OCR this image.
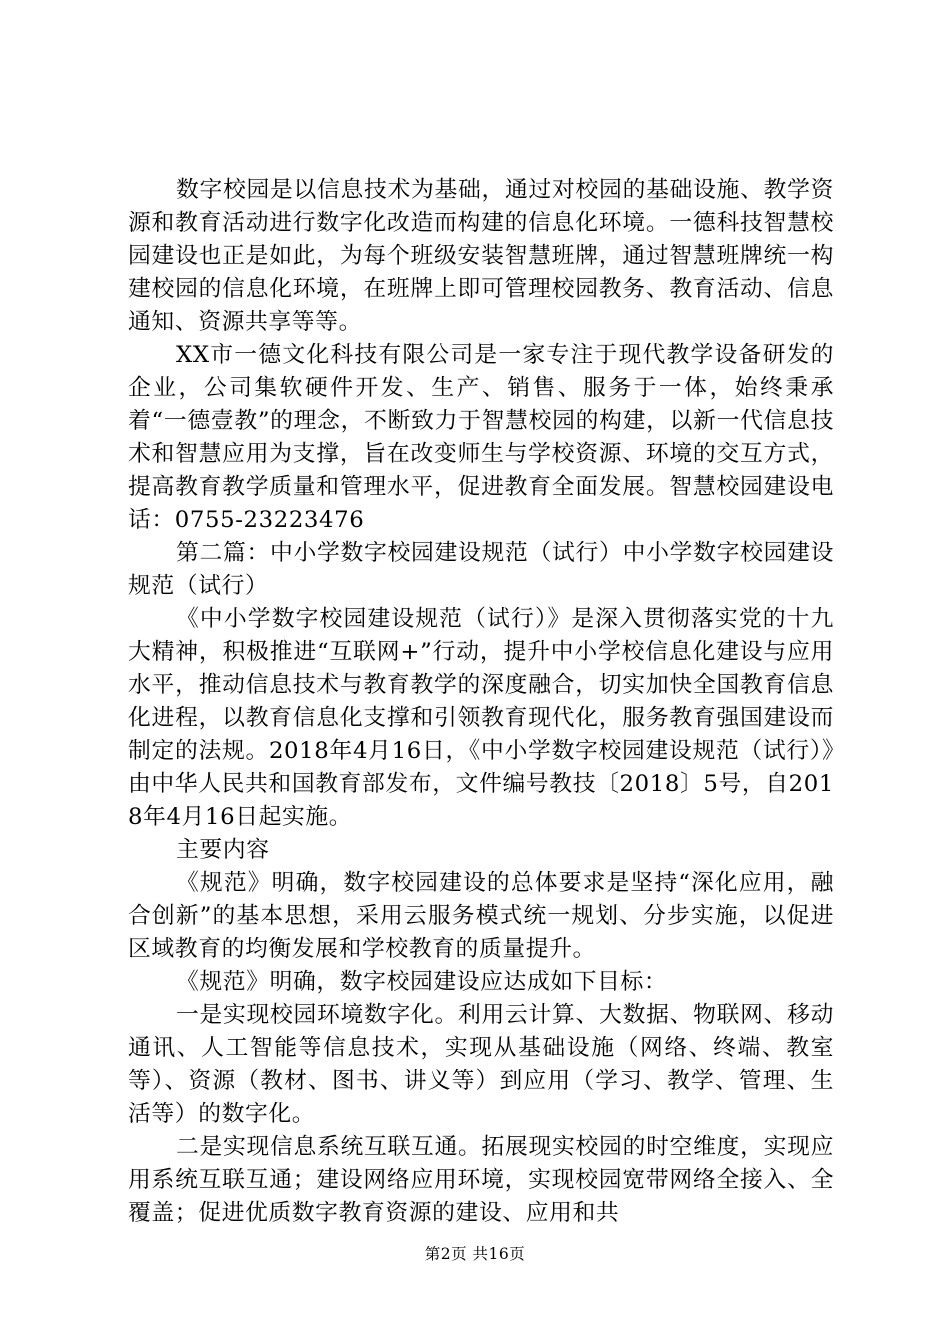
数字校园是以信息技术为基础，通过对校园的基础设施、教学资源和教育活动进行数字化改造而构建的信息化环境。一德科技智慧校园建设也正是如此，为每个班级安装智慧班牌，通过智慧班牌统一构建校园的信息化环境，在班牌上即可管理校园教务、教育活动、信息通知、资源共享等等。

XX市一德文化科技有限公司是一家专注于现代教学设备研发的企业，公司集软硬件开发、生产、销售、服务于一体，始终秉承着“一德壹教”的理念，不断致力于智慧校园的构建，以新一代信息技术和智慧应用为支撑，旨在改变师生与学校资源、环境的交互方式，提高教育教学质量和管理水平，促进教育全面发展。智慧校园建设电话：0755-23223476

第二篇：中小学数字校园建设规范（试行）中小学数字校园建设规范（试行）

《中小学数字校园建设规范（试行）》是深入贯彻落实党的十九大精神，积极推进“互联网+”行动，提升中小学校信息化建设与应用水平，推动信息技术与教育教学的深度融合，切实加快全国教育信息化进程，以教育信息化支撑和引领教育现代化，服务教育强国建设而制定的法规。2018年4月16日，《中小学数字校园建设规范（试行）》由中华人民共和国教育部发布，文件编号教技〔2018〕5号，自2018年4月16日起实施。

主要内容

《规范》明确，数字校园建设的总体要求是坚持“深化应用，融合创新”的基本思想，采用云服务模式统一规划、分步实施，以促进区域教育的均衡发展和学校教育的质量提升。

《规范》明确，数字校园建设应达成如下目标：

一是实现校园环境数字化。利用云计算、大数据、物联网、移动通讯、人工智能等信息技术，实现从基础设施（网络、终端、教室等）、资源（教材、图书、讲义等）到应用（学习、教学、管理、生活等）的数字化。

二是实现信息系统互联互通。拓展现实校园的时空维度，实现应用系统互联互通；建设网络应用环境，实现校园宽带网络全接入、全覆盖；促进优质数字教育资源的建设、应用和共

第2页 共16页
